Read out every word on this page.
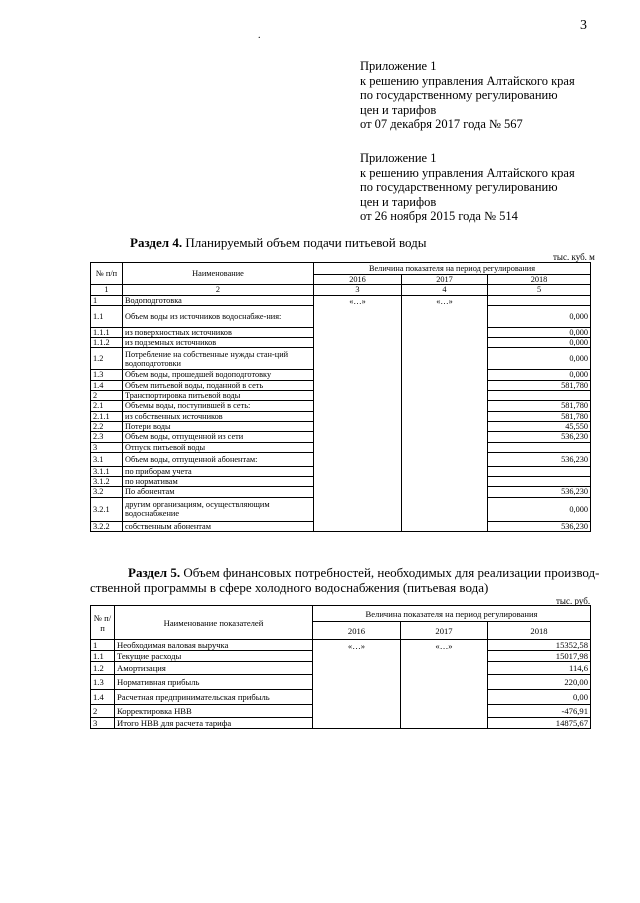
3
.
Приложение 1
к решению управления Алтайского края
по государственному регулированию
цен и тарифов
от 07 декабря 2017 года № 567
Приложение 1
к решению управления Алтайского края
по государственному регулированию
цен и тарифов
от 26 ноября 2015 года № 514
Раздел 4. Планируемый объем подачи питьевой воды
тыс. куб. м
№ п/п	Наименование	Величина показателя на период регулирования		
		2016	2017	2018
1	2	3	4	5
1	Водоподготовка	«…»	«…»	
1.1	Объем воды из источников водоснабже-ния:			0,000
1.1.1	из поверхностных источников			0,000
1.1.2	из подземных источников			0,000
1.2	Потребление на собственные нужды стан-ций водоподготовки			0,000
1.3	Объем воды, прошедшей водоподготовку			0,000
1.4	Объем питьевой воды, поданной в сеть			581,780
2	Транспортировка питьевой воды			
2.1	Объемы воды, поступившей в сеть:			581,780
2.1.1	из собственных источников			581,780
2.2	Потери воды			45,550
2.3	Объем воды, отпущенной из сети			536,230
3	Отпуск питьевой воды			
3.1	Объем воды, отпущенной абонентам:			536,230
3.1.1	по приборам учета			
3.1.2	по нормативам			
3.2	По абонентам			536,230
3.2.1	другим организациям, осуществляющим водоснабжение			0,000
3.2.2	собственным абонентам			536,230
Раздел 5. Объем финансовых потребностей, необходимых для реализации производ-
ственной программы в сфере холодного водоснабжения (питьевая вода)
тыс. руб.
№ п/ п	Наименование показателей	Величина показателя на период регулирования		
		2016	2017	2018
1	Необходимая валовая выручка	«…»	«…»	15352,58
1.1	Текущие расходы			15017,98
1.2	Амортизация			114,6
1.3	Нормативная прибыль			220,00
1.4	Расчетная предпринимательская прибыль			0,00
2	Корректировка НВВ			-476,91
3	Итого НВВ для расчета тарифа			14875,67
